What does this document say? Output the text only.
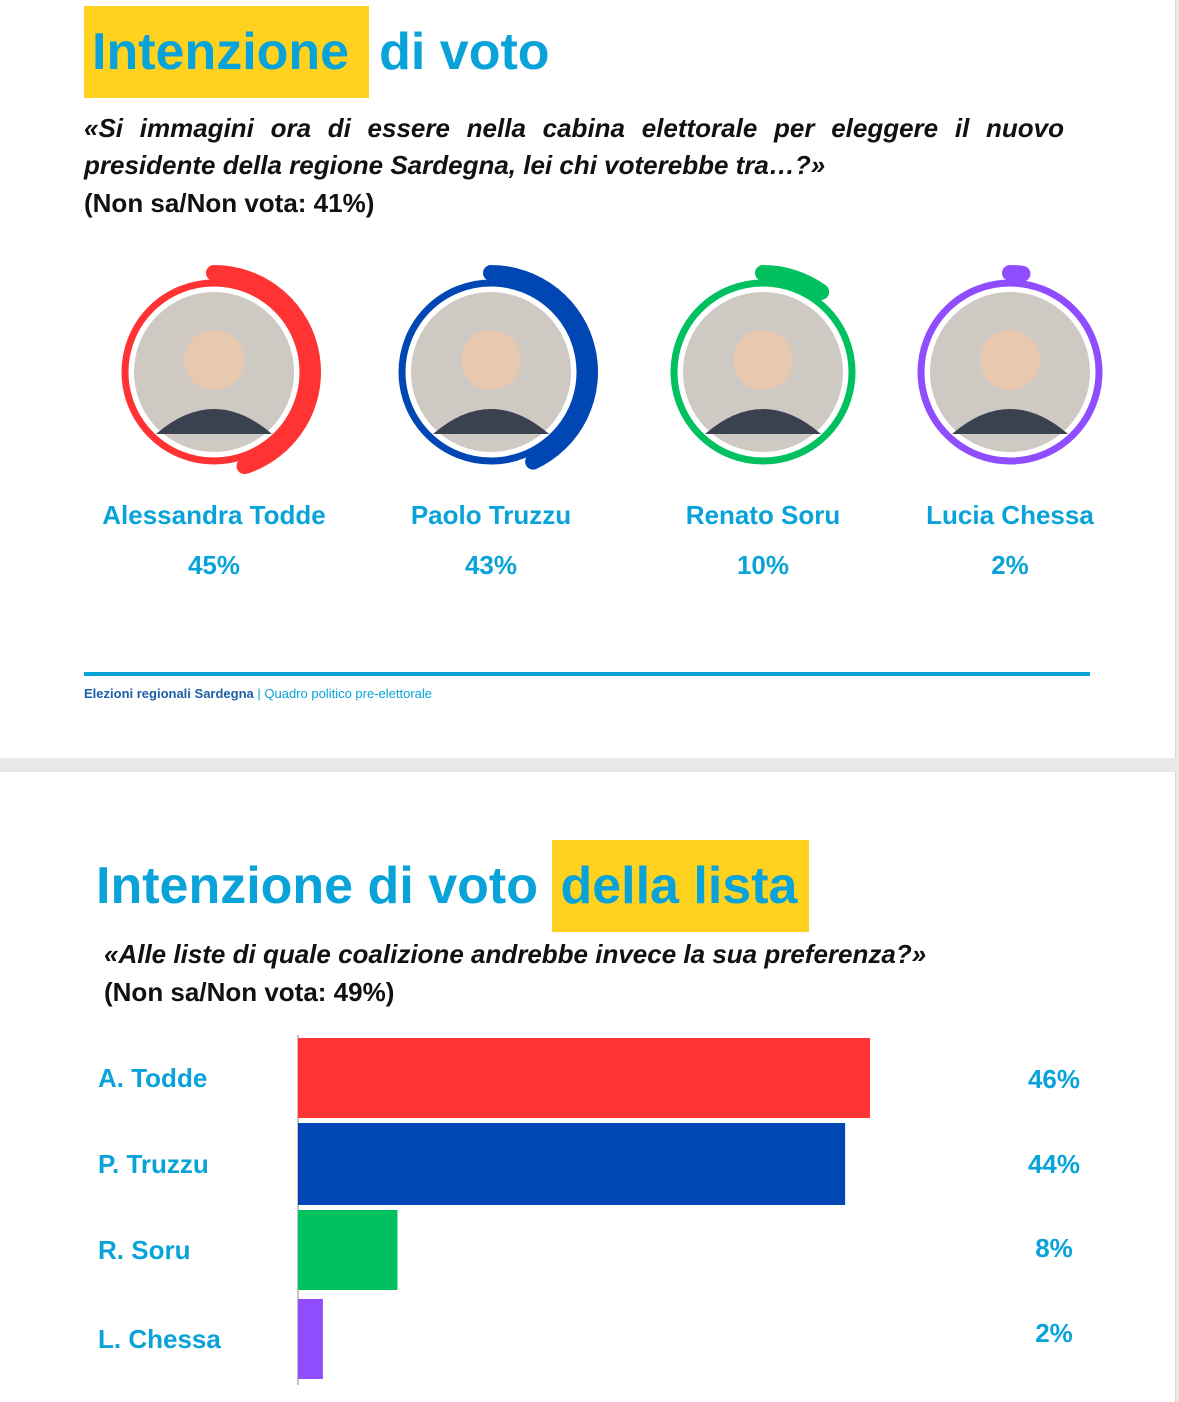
Intenzione di voto
«Si immagini ora di essere nella cabina elettorale per eleggere il nuovo presidente della regione Sardegna, lei chi voterebbe tra…?»
(Non sa/Non vota: 41%)
Alessandra Todde
45%
Paolo Truzzu
43%
Renato Soru
10%
Lucia Chessa
2%
Elezioni regionali Sardegna | Quadro politico pre-elettorale
Intenzione di voto della lista
«Alle liste di quale coalizione andrebbe invece la sua preferenza?»
(Non sa/Non vota: 49%)
A. Todde	46%
P. Truzzu	44%
R. Soru	8%
L. Chessa	2%
